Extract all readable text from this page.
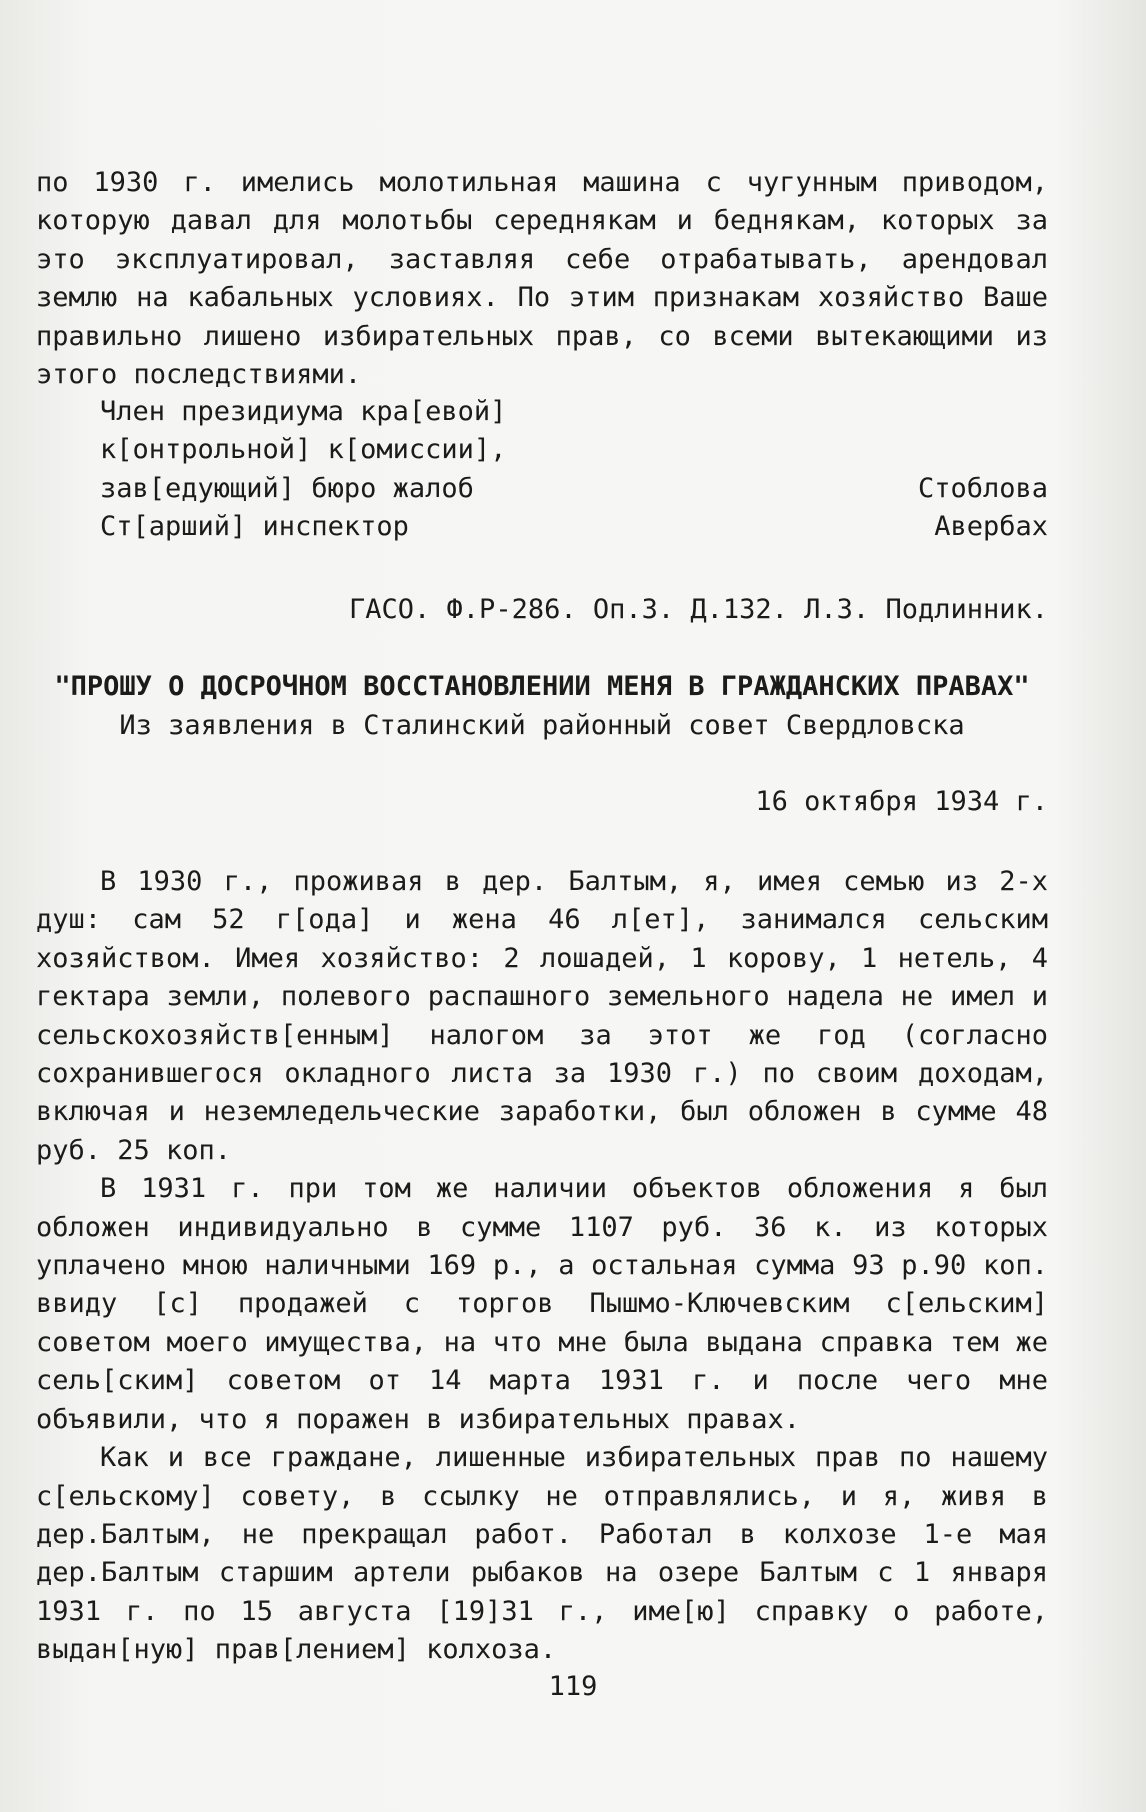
по 1930 г. имелись молотильная машина с чугунным приводом, которую давал для молотьбы середнякам и беднякам, которых за это эксплуатировал, заставляя себе отрабатывать, арендовал землю на кабальных условиях. По этим признакам хозяйство Ваше правильно лишено избирательных прав, со всеми вытекающими из этого последствиями.

Член президиума кра[евой]
к[онтрольной] к[омиссии],
зав[едующий] бюро жалоб	Стоблова
Ст[арший] инспектор	Авербах
ГАСО. Ф.Р-286. Оп.3. Д.132. Л.3. Подлинник.
"ПРОШУ О ДОСРОЧНОМ ВОССТАНОВЛЕНИИ МЕНЯ В ГРАЖДАНСКИХ ПРАВАХ"
Из заявления в Сталинский районный совет Свердловска
16 октября 1934 г.

В 1930 г., проживая в дер. Балтым, я, имея семью из 2-х душ: сам 52 г[ода] и жена 46 л[ет], занимался сельским хозяйством. Имея хозяйство: 2 лошадей, 1 корову, 1 нетель, 4 гектара земли, полевого распашного земельного надела не имел и сельскохозяйств[енным] налогом за этот же год (согласно сохранившегося окладного листа за 1930 г.) по своим доходам, включая и неземледельческие заработки, был обложен в сумме 48 руб. 25 коп.

В 1931 г. при том же наличии объектов обложения я был обложен индивидуально в сумме 1107 руб. 36 к. из которых уплачено мною наличными 169 р., а остальная сумма 93 р.90 коп. ввиду [с] продажей с торгов Пышмо-Ключевским с[ельским] советом моего имущества, на что мне была выдана справка тем же сель[ским] советом от 14 марта 1931 г. и после чего мне объявили, что я поражен в избирательных правах.

Как и все граждане, лишенные избирательных прав по нашему с[ельскому] совету, в ссылку не отправлялись, и я, живя в дер.Балтым, не прекращал работ. Работал в колхозе 1-е мая дер.Балтым старшим артели рыбаков на озере Балтым с 1 января 1931 г. по 15 августа [19]31 г., име[ю] справку о работе, выдан[ную] прав[лением] колхоза.

119
